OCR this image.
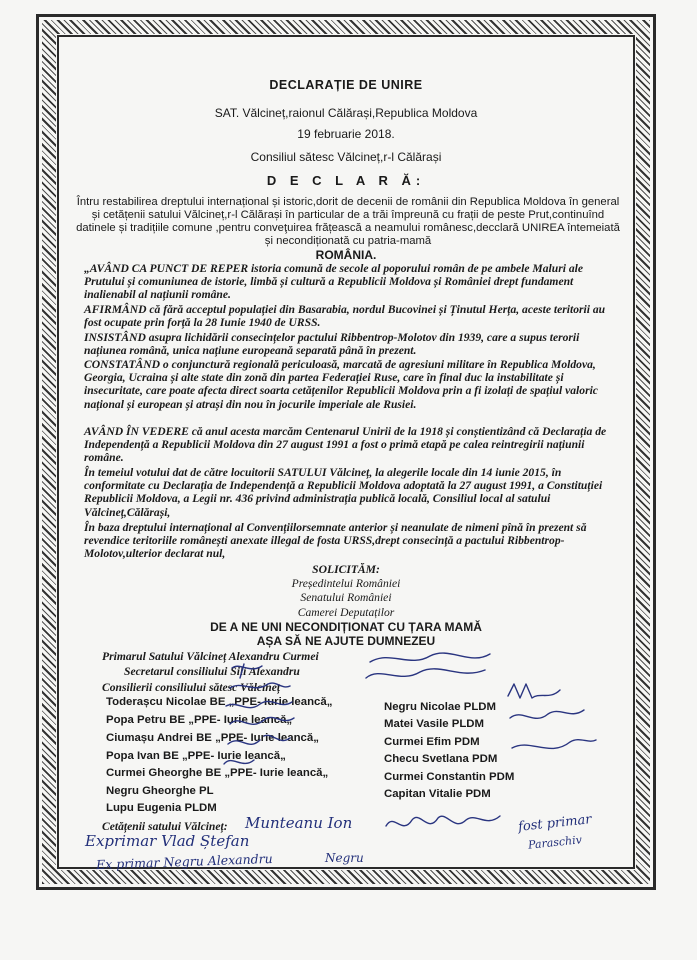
DECLARAȚIE DE UNIRE
SAT. Vălcineț,raionul Călărași,Republica Moldova
19 februarie 2018.
Consiliul sătesc Vălcineț,r-l Călărași
D E C L A R Ă:
Întru restabilirea dreptului internațional și istoric,dorit de decenii de românii din Republica Moldova în general și cetățenii satului Vălcineț,r-l Călărași în particular de a trăi împreună cu frații de peste Prut,continuînd datinele și tradițiile comune ,pentru conveţuirea frățească a neamului românesc,decclară UNIREA întemeiată și necondiționată cu patria-mamă
ROMÂNIA.
„AVÂND CA PUNCT DE REPER istoria comună de secole al poporului român de pe ambele Maluri ale Prutului și comuniunea de istorie, limbă și cultură a Republicii Moldova și României drept fundament inalienabil al națiunii române.
AFIRMÂND că fără acceptul populației din Basarabia, nordul Bucovinei și Ținutul Herța, aceste teritorii au fost ocupate prin forță la 28 Iunie 1940 de URSS.
INSISTÂND asupra lichidării consecințelor pactului Ribbentrop-Molotov din 1939, care a supus terorii națiunea română, unica națiune europeană separată până în prezent.
CONSTATÂND o conjunctură regională periculoasă, marcată de agresiuni militare în Republica Moldova, Georgia, Ucraina și alte state din zonă din partea Federației Ruse, care în final duc la instabilitate și insecuritate, care poate afecta direct soarta cetățenilor Republicii Moldova prin a fi izolați de spațiul valoric național și european și atrași din nou în jocurile imperiale ale Rusiei.
AVÂND ÎN VEDERE că anul acesta marcăm Centenarul Unirii de la 1918 și conștientizând că Declarația de Independență a Republicii Moldova din 27 august 1991 a fost o primă etapă pe calea reintregirii națiunii române.
În temeiul votului dat de către locuitorii SATULUI Vălcineț, la alegerile locale din 14 iunie 2015, în conformitate cu Declarația de Independență a Republicii Moldova adoptată la 27 august 1991, a Constituției Republicii Moldova, a Legii nr. 436 privind administrația publică locală, Consiliul local al satului Vălcineț,Călărași,
În baza dreptului internațional al Convențiilorsemnate anterior și neanulate de nimeni pînă în prezent să revendice teritoriile românești anexate illegal de fosta URSS,drept consecință a pactului Ribbentrop-Molotov,ulterior declarat nul,
SOLICITĂM:
Președintelui României
Senatului României
Camerei Deputaților
DE A NE UNI NECONDIȚIONAT CU ȚARA MAMĂ
AȘA SĂ NE AJUTE DUMNEZEU
Primarul Satului Vălcineț Alexandru Curmei
Secretarul consiliului Sili Alexandru
Consilierii consiliului sătesc Vălcineț
Toderașcu Nicolae BE „PPE- Iurie leancă„
Popa Petru BE „PPE- Iurie leancă„
Ciumașu Andrei BE „PPE- Iurie leancă„
Popa Ivan BE „PPE- Iurie leancă„
Curmei Gheorghe BE „PPE- Iurie leancă„
Negru Gheorghe PL
Lupu Eugenia PLDM
Negru Nicolae PLDM
Matei Vasile PLDM
Curmei Efim PDM
Checu Svetlana PDM
Curmei Constantin PDM
Capitan Vitalie PDM
Cetățenii satului Vălcineț: Munteanu Ion
Exprimar Vlad Ștefan
Ex primar Negru Alexandru	Negru
fost primar
Paraschiv
